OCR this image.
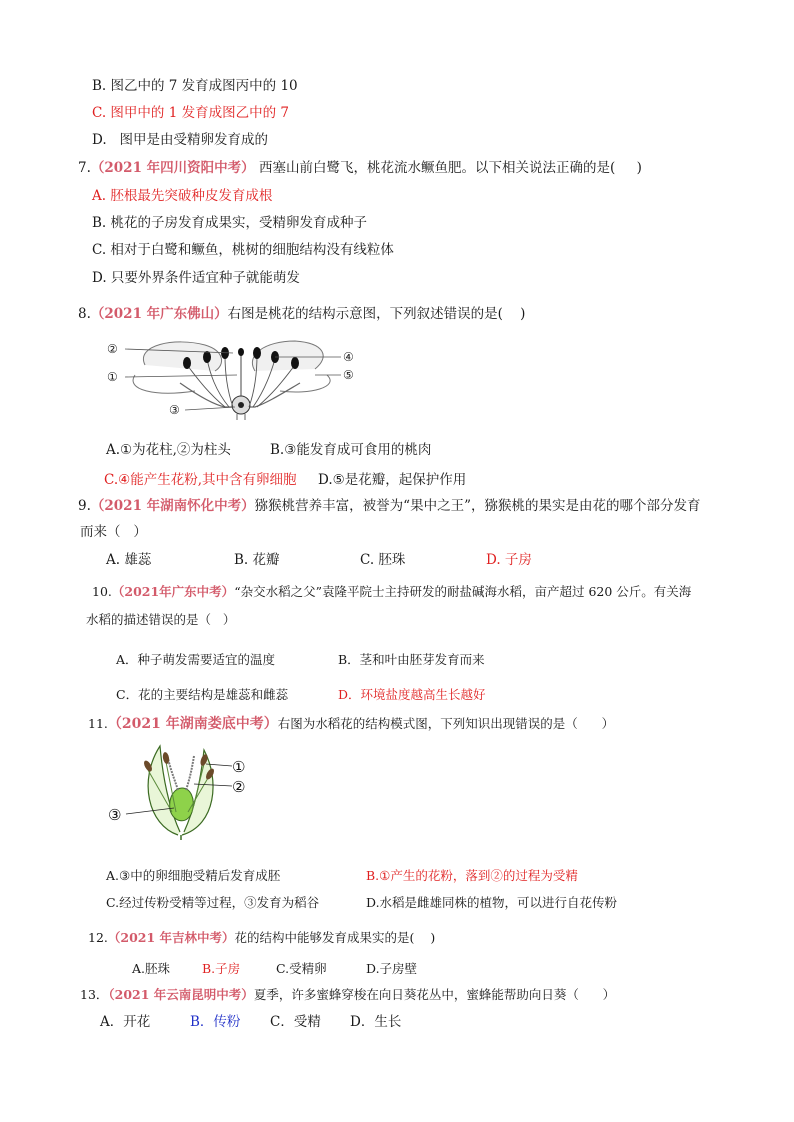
B. 图乙中的 7 发育成图丙中的 10
C. 图甲中的 1 发育成图乙中的 7
D.   图甲是由受精卵发育成的
7.（2021 年四川资阳中考） 西塞山前白鹭飞，桃花流水鳜鱼肥。以下相关说法正确的是(     )
A. 胚根最先突破种皮发育成根
B. 桃花的子房发育成果实，受精卵发育成种子
C. 相对于白鹭和鳜鱼，桃树的细胞结构没有线粒体
D. 只要外界条件适宜种子就能萌发
8.（2021 年广东佛山）右图是桃花的结构示意图，下列叙述错误的是(    )
②
①
③
④
⑤
A.①为花柱,②为柱头	B.③能发育成可食用的桃肉
C.④能产生花粉,其中含有卵细胞 D.⑤是花瓣，起保护作用
9.（2021 年湖南怀化中考）猕猴桃营养丰富，被誉为“果中之王”，猕猴桃的果实是由花的哪个部分发育
而来（   ）
A. 雄蕊	B. 花瓣	C. 胚珠	D. 子房
10.（2021年广东中考）“杂交水稻之父”袁隆平院士主持研发的耐盐碱海水稻，亩产超过 620 公斤。有关海
水稻的描述错误的是（   ）
A．种子萌发需要适宜的温度	B．茎和叶由胚芽发育而来
C．花的主要结构是雄蕊和雌蕊	D．环境盐度越高生长越好
11.（2021 年湖南娄底中考）右图为水稻花的结构模式图，下列知识出现错误的是（      ）
①
②
③
A.③中的卵细胞受精后发育成胚	B.①产生的花粉，落到②的过程为受精
C.经过传粉受精等过程，③发育为稻谷	D.水稻是雌雄同株的植物，可以进行自花传粉
12.（2021 年吉林中考）花的结构中能够发育成果实的是(    )
A.胚珠	B.子房	C.受精卵	D.子房壁
13．（2021 年云南昆明中考）夏季，许多蜜蜂穿梭在向日葵花丛中，蜜蜂能帮助向日葵（      ）
A．开花	B．传粉 C．受精 D．生长
